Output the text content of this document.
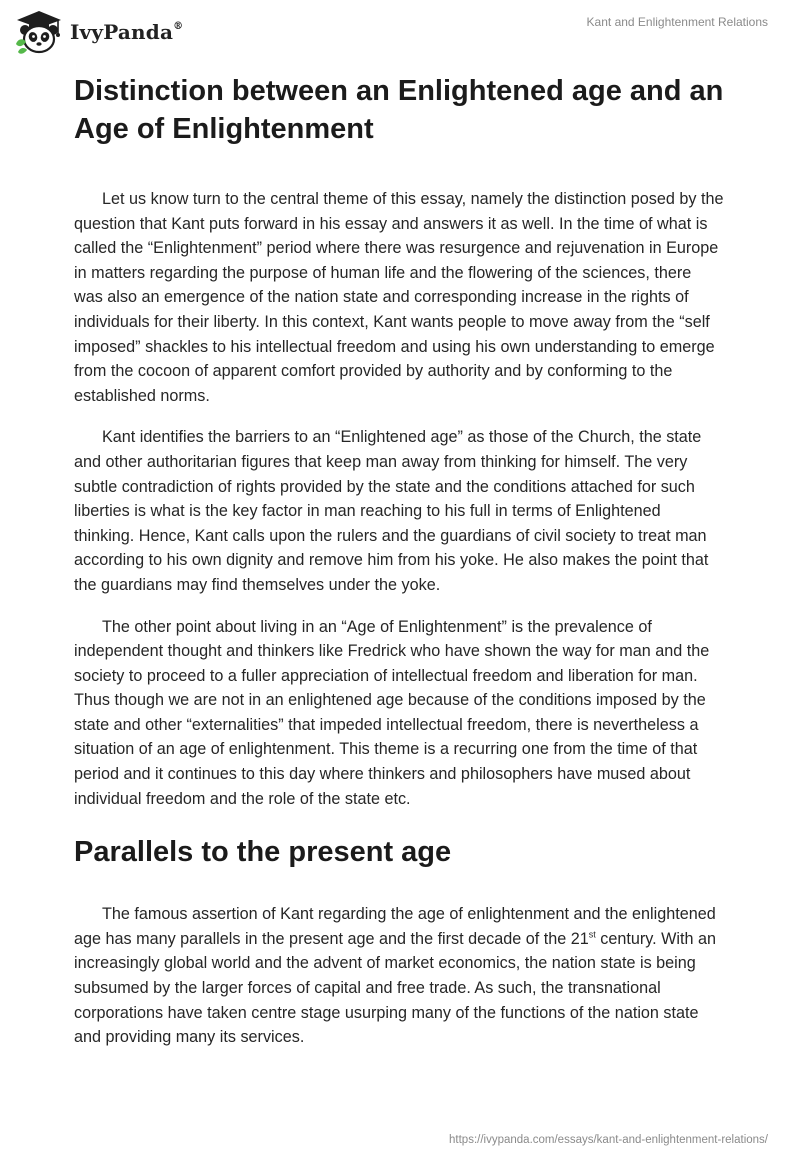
IvyPanda®	Kant and Enlightenment Relations
Distinction between an Enlightened age and an Age of Enlightenment

Let us know turn to the central theme of this essay, namely the distinction posed by the question that Kant puts forward in his essay and answers it as well. In the time of what is called the “Enlightenment” period where there was resurgence and rejuvenation in Europe in matters regarding the purpose of human life and the flowering of the sciences, there was also an emergence of the nation state and corresponding increase in the rights of individuals for their liberty. In this context, Kant wants people to move away from the “self imposed” shackles to his intellectual freedom and using his own understanding to emerge from the cocoon of apparent comfort provided by authority and by conforming to the established norms.

Kant identifies the barriers to an “Enlightened age” as those of the Church, the state and other authoritarian figures that keep man away from thinking for himself. The very subtle contradiction of rights provided by the state and the conditions attached for such liberties is what is the key factor in man reaching to his full in terms of Enlightened thinking. Hence, Kant calls upon the rulers and the guardians of civil society to treat man according to his own dignity and remove him from his yoke. He also makes the point that the guardians may find themselves under the yoke.

The other point about living in an “Age of Enlightenment” is the prevalence of independent thought and thinkers like Fredrick who have shown the way for man and the society to proceed to a fuller appreciation of intellectual freedom and liberation for man. Thus though we are not in an enlightened age because of the conditions imposed by the state and other “externalities” that impeded intellectual freedom, there is nevertheless a situation of an age of enlightenment. This theme is a recurring one from the time of that period and it continues to this day where thinkers and philosophers have mused about individual freedom and the role of the state etc.

Parallels to the present age

The famous assertion of Kant regarding the age of enlightenment and the enlightened age has many parallels in the present age and the first decade of the 21st century. With an increasingly global world and the advent of market economics, the nation state is being subsumed by the larger forces of capital and free trade. As such, the transnational corporations have taken centre stage usurping many of the functions of the nation state and providing many its services.

https://ivypanda.com/essays/kant-and-enlightenment-relations/
